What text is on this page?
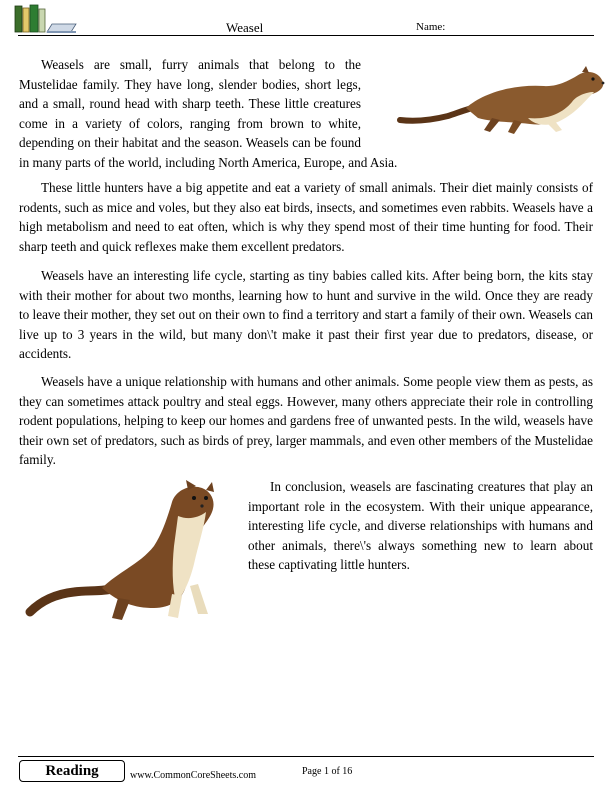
Weasel	Name:
Weasels are small, furry animals that belong to the Mustelidae family. They have long, slender bodies, short legs, and a small, round head with sharp teeth. These little creatures come in a variety of colors, ranging from brown to white, depending on their habitat and the season. Weasels can be found in many parts of the world, including North America, Europe, and Asia.

These little hunters have a big appetite and eat a variety of small animals. Their diet mainly consists of rodents, such as mice and voles, but they also eat birds, insects, and sometimes even rabbits. Weasels have a high metabolism and need to eat often, which is why they spend most of their time hunting for food. Their sharp teeth and quick reflexes make them excellent predators.

Weasels have an interesting life cycle, starting as tiny babies called kits. After being born, the kits stay with their mother for about two months, learning how to hunt and survive in the wild. Once they are ready to leave their mother, they set out on their own to find a territory and start a family of their own. Weasels can live up to 3 years in the wild, but many don\'t make it past their first year due to predators, disease, or accidents.

Weasels have a unique relationship with humans and other animals. Some people view them as pests, as they can sometimes attack poultry and steal eggs. However, many others appreciate their role in controlling rodent populations, helping to keep our homes and gardens free of unwanted pests. In the wild, weasels have their own set of predators, such as birds of prey, larger mammals, and even other members of the Mustelidae family.

In conclusion, weasels are fascinating creatures that play an important role in the ecosystem. With their unique appearance, interesting life cycle, and diverse relationships with humans and other animals, there\'s always something new to learn about these captivating little hunters.

Reading	www.CommonCoreSheets.com	Page 1 of 16
